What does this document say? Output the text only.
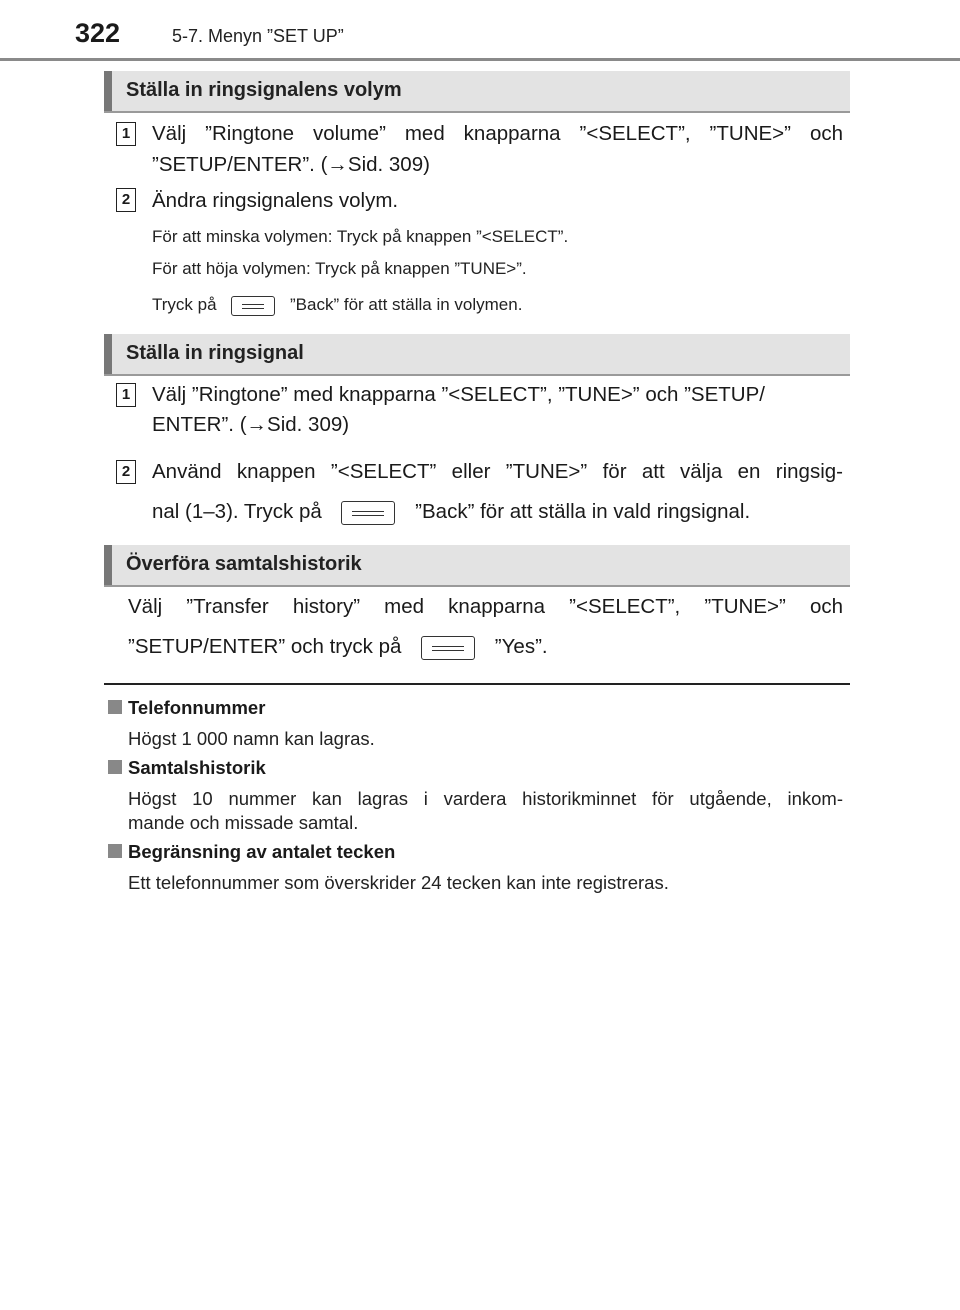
322	5-7. Menyn ”SET UP”
Ställa in ringsignalens volym
1 Välj ”Ringtone volume” med knapparna ”<SELECT”, ”TUNE>” och
”SETUP/ENTER”. (→Sid. 309)
2 Ändra ringsignalens volym.
För att minska volymen: Tryck på knappen ”<SELECT”.
För att höja volymen: Tryck på knappen ”TUNE>”.
Tryck på	”Back” för att ställa in volymen.
Ställa in ringsignal
1 Välj ”Ringtone” med knapparna ”<SELECT”, ”TUNE>” och ”SETUP/
ENTER”. (→Sid. 309)
2 Använd knappen ”<SELECT” eller ”TUNE>” för att välja en ringsig-
nal (1–3). Tryck på	”Back” för att ställa in vald ringsignal.
Överföra samtalshistorik
Välj ”Transfer history” med knapparna ”<SELECT”, ”TUNE>” och
”SETUP/ENTER” och tryck på	”Yes”.
Telefonnummer
Högst 1 000 namn kan lagras.
Samtalshistorik
Högst 10 nummer kan lagras i vardera historikminnet för utgående, inkom-
mande och missade samtal.
Begränsning av antalet tecken
Ett telefonnummer som överskrider 24 tecken kan inte registreras.
